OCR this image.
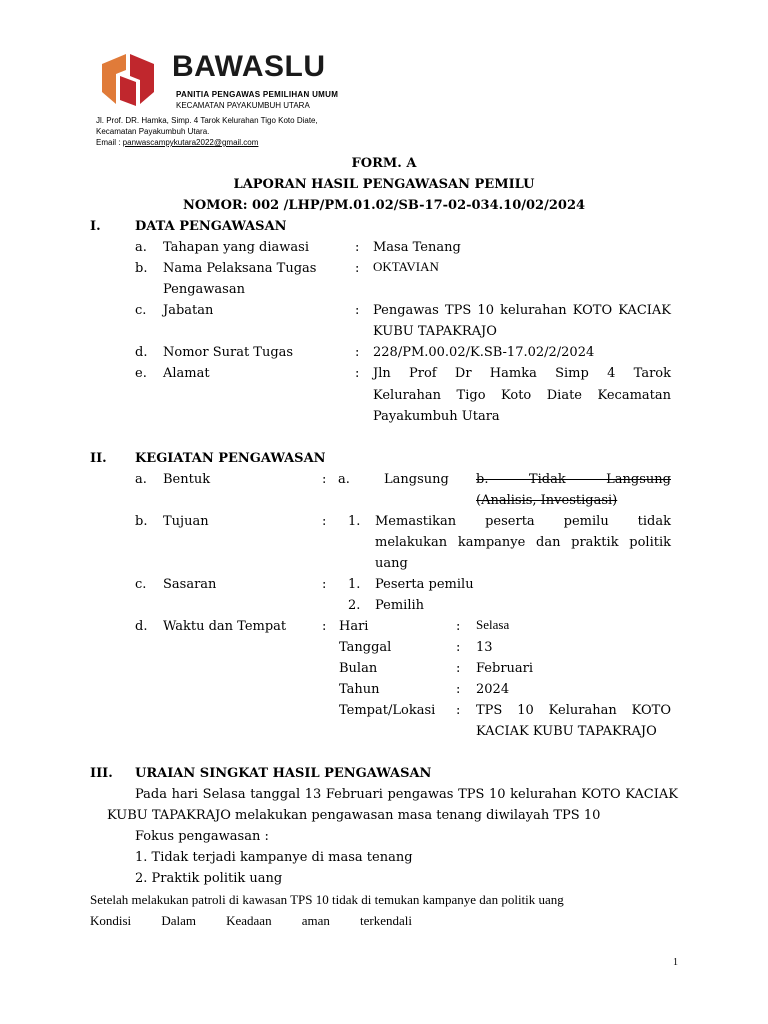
BAWASLU
PANITIA PENGAWAS PEMILIHAN UMUM
KECAMATAN PAYAKUMBUH UTARA
Jl. Prof. DR. Hamka, Simp. 4 Tarok Kelurahan Tigo Koto Diate,
Kecamatan Payakumbuh Utara.
Email : panwascampykutara2022@gmail.com
FORM. A
LAPORAN HASIL PENGAWASAN PEMILU
NOMOR: 002 /LHP/PM.01.02/SB-17-02-034.10/02/2024
I.	DATA PENGAWASAN
a. Tahapan yang diawasi	: Masa Tenang
b. Nama Pelaksana Tugas
Pengawasan
: OKTAVIAN
c. Jabatan	: Pengawas TPS 10 kelurahan KOTO KACIAK
KUBU TAPAKRAJO
d. Nomor Surat Tugas	: 228/PM.00.02/K.SB-17.02/2/2024
e. Alamat	: Jln Prof Dr Hamka Simp 4 Tarok
Kelurahan Tigo Koto Diate Kecamatan
Payakumbuh Utara
II. KEGIATAN PENGAWASAN
a. Bentuk	: a.	Langsung b. Tidak Langsung
(Analisis, Investigasi)
b. Tujuan	: 1. Memastikan peserta pemilu tidak
melakukan kampanye dan praktik politik
uang
c. Sasaran	: 1. Peserta pemilu
2. Pemilih
d. Waktu dan Tempat	: Hari	: Selasa
Tanggal	: 13
Bulan	: Februari
Tahun	: 2024
Tempat/Lokasi : TPS 10 Kelurahan KOTO
KACIAK KUBU TAPAKRAJO
III. URAIAN SINGKAT HASIL PENGAWASAN
Pada hari Selasa tanggal 13 Februari pengawas TPS 10 kelurahan KOTO KACIAK
KUBU TAPAKRAJO melakukan pengawasan masa tenang diwilayah TPS 10
Fokus pengawasan :
1. Tidak terjadi kampanye di masa tenang
2. Praktik politik uang
Setelah melakukan patroli di kawasan TPS 10 tidak di temukan kampanye dan politik uang
Kondisi Dalam Keadaan aman terkendali
1
